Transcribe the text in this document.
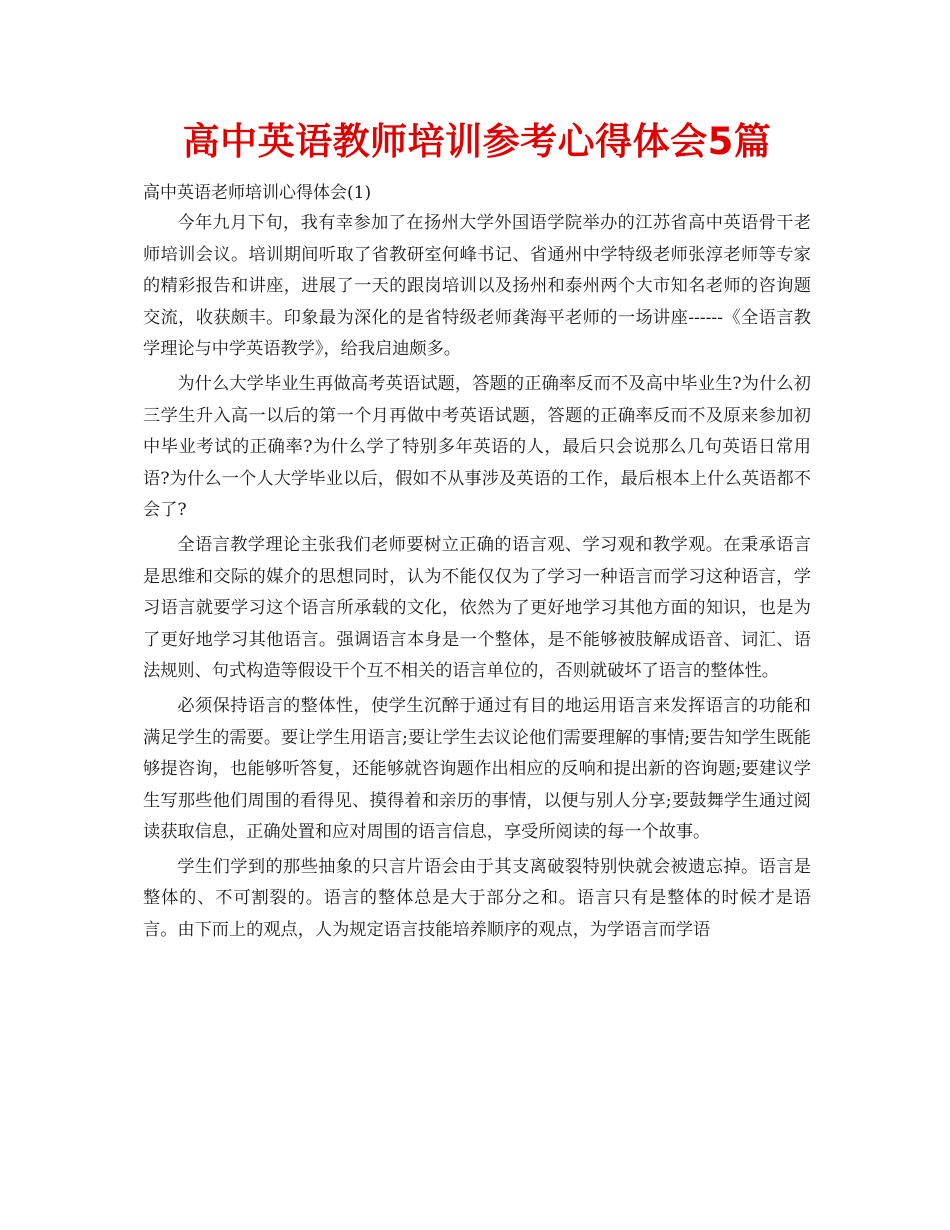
高中英语教师培训参考心得体会5篇

高中英语老师培训心得体会(1)

今年九月下旬，我有幸参加了在扬州大学外国语学院举办的江苏省高中英语骨干老师培训会议。培训期间听取了省教研室何峰书记、省通州中学特级老师张淳老师等专家的精彩报告和讲座，进展了一天的跟岗培训以及扬州和泰州两个大市知名老师的咨询题交流，收获颇丰。印象最为深化的是省特级老师龚海平老师的一场讲座------《全语言教学理论与中学英语教学》，给我启迪颇多。

为什么大学毕业生再做高考英语试题，答题的正确率反而不及高中毕业生?为什么初三学生升入高一以后的第一个月再做中考英语试题，答题的正确率反而不及原来参加初中毕业考试的正确率?为什么学了特别多年英语的人，最后只会说那么几句英语日常用语?为什么一个人大学毕业以后，假如不从事涉及英语的工作，最后根本上什么英语都不会了?

全语言教学理论主张我们老师要树立正确的语言观、学习观和教学观。在秉承语言是思维和交际的媒介的思想同时，认为不能仅仅为了学习一种语言而学习这种语言，学习语言就要学习这个语言所承载的文化，依然为了更好地学习其他方面的知识，也是为了更好地学习其他语言。强调语言本身是一个整体，是不能够被肢解成语音、词汇、语法规则、句式构造等假设干个互不相关的语言单位的，否则就破坏了语言的整体性。

必须保持语言的整体性，使学生沉醉于通过有目的地运用语言来发挥语言的功能和满足学生的需要。要让学生用语言;要让学生去议论他们需要理解的事情;要告知学生既能够提咨询，也能够听答复，还能够就咨询题作出相应的反响和提出新的咨询题;要建议学生写那些他们周围的看得见、摸得着和亲历的事情，以便与别人分享;要鼓舞学生通过阅读获取信息，正确处置和应对周围的语言信息，享受所阅读的每一个故事。

学生们学到的那些抽象的只言片语会由于其支离破裂特别快就会被遗忘掉。语言是整体的、不可割裂的。语言的整体总是大于部分之和。语言只有是整体的时候才是语言。由下而上的观点，人为规定语言技能培养顺序的观点，为学语言而学语
